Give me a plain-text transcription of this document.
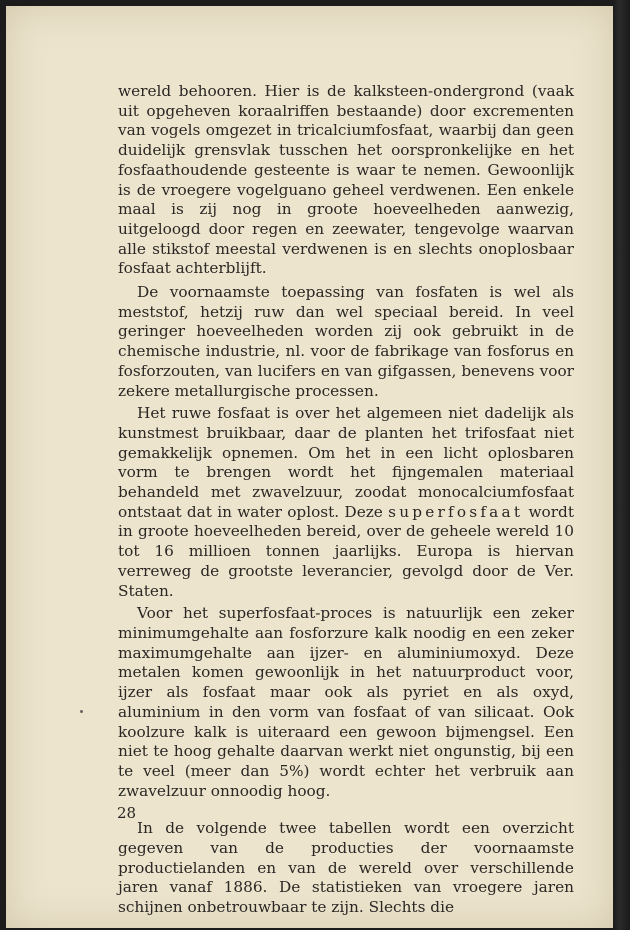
wereld behooren. Hier is de kalksteen-ondergrond (vaak uit opgeheven koraalriffen bestaande) door excrementen van vogels omgezet in tricalciumfosfaat, waarbij dan geen duidelijk grensvlak tusschen het oorspronkelijke en het fosfaathoudende gesteente is waar te nemen. Gewoonlijk is de vroegere vogelguano geheel verdwenen. Een enkele maal is zij nog in groote hoeveelheden aanwezig, uitgeloogd door regen en zeewater, tengevolge waarvan alle stikstof meestal verdwenen is en slechts onoplosbaar fosfaat achterblijft.

De voornaamste toepassing van fosfaten is wel als meststof, hetzij ruw dan wel speciaal bereid. In veel geringer hoeveelheden worden zij ook gebruikt in de chemische industrie, nl. voor de fabrikage van fosforus en fosforzouten, van lucifers en van gifgassen, benevens voor zekere metallurgische processen.

Het ruwe fosfaat is over het algemeen niet dadelijk als kunstmest bruikbaar, daar de planten het trifosfaat niet gemakkelijk opnemen. Om het in een licht oplosbaren vorm te brengen wordt het fijngemalen materiaal behandeld met zwavelzuur, zoodat monocalciumfosfaat ontstaat dat in water oplost. Deze superfosfaat wordt in groote hoeveelheden bereid, over de geheele wereld 10 tot 16 millioen tonnen jaarlijks. Europa is hiervan verreweg de grootste leverancier, gevolgd door de Ver. Staten.

Voor het superfosfaat-proces is natuurlijk een zeker minimumgehalte aan fosforzure kalk noodig en een zeker maximumgehalte aan ijzer- en aluminiumoxyd. Deze metalen komen gewoonlijk in het natuurproduct voor, ijzer als fosfaat maar ook als pyriet en als oxyd, aluminium in den vorm van fosfaat of van silicaat. Ook koolzure kalk is uiteraard een gewoon bijmengsel. Een niet te hoog gehalte daarvan werkt niet ongunstig, bij een te veel (meer dan 5%) wordt echter het verbruik aan zwavelzuur onnoodig hoog.

In de volgende twee tabellen wordt een overzicht gegeven van de producties der voornaamste productielanden en van de wereld over verschillende jaren vanaf 1886. De statistieken van vroegere jaren schijnen onbetrouwbaar te zijn. Slechts die

28
